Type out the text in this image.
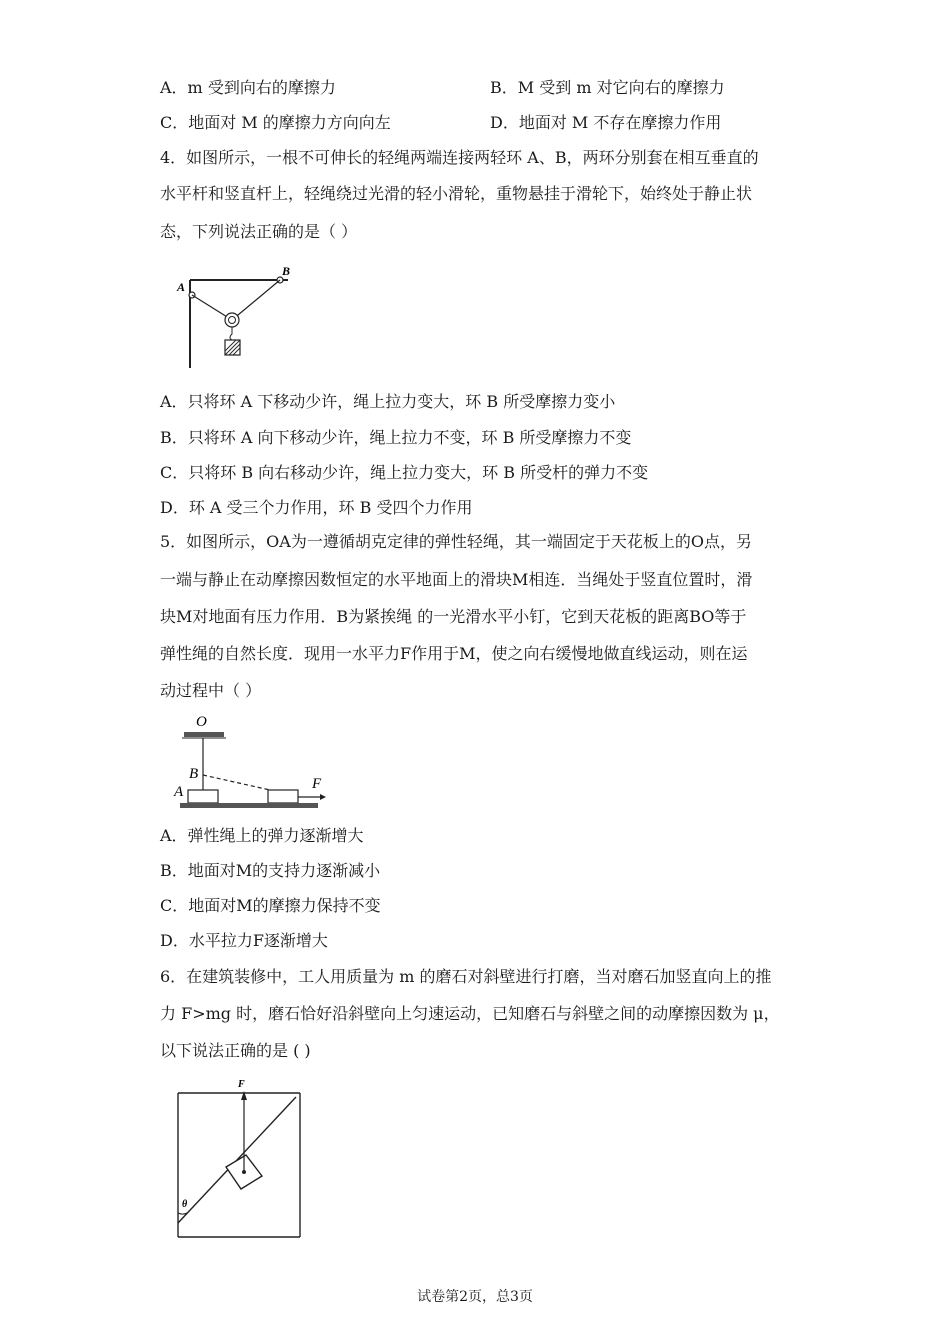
A．m 受到向右的摩擦力	B．M 受到 m 对它向右的摩擦力
C．地面对 M 的摩擦力方向向左	D．地面对 M 不存在摩擦力作用
4．如图所示，一根不可伸长的轻绳两端连接两轻环 A、B，两环分别套在相互垂直的
水平杆和竖直杆上，轻绳绕过光滑的轻小滑轮，重物悬挂于滑轮下，始终处于静止状
态，下列说法正确的是（ ）
A
B
A．只将环 A 下移动少许，绳上拉力变大，环 B 所受摩擦力变小
B．只将环 A 向下移动少许，绳上拉力不变，环 B 所受摩擦力不变
C．只将环 B 向右移动少许，绳上拉力变大，环 B 所受杆的弹力不变
D．环 A 受三个力作用，环 B 受四个力作用
5．如图所示，OA为一遵循胡克定律的弹性轻绳，其一端固定于天花板上的O点，另
一端与静止在动摩擦因数恒定的水平地面上的滑块M相连．当绳处于竖直位置时，滑
块M对地面有压力作用．B为紧挨绳 的一光滑水平小钉，它到天花板的距离BO等于
弹性绳的自然长度．现用一水平力F作用于M，使之向右缓慢地做直线运动，则在运
动过程中（ ）
O
B
A	F
A．弹性绳上的弹力逐渐增大
B．地面对M的支持力逐渐减小
C．地面对M的摩擦力保持不变
D．水平拉力F逐渐增大
6．在建筑装修中，工人用质量为 m 的磨石对斜壁进行打磨，当对磨石加竖直向上的推
力 F>mg 时，磨石恰好沿斜壁向上匀速运动，已知磨石与斜壁之间的动摩擦因数为 μ，
以下说法正确的是 ( )
F
θ
试卷第2页，总3页
